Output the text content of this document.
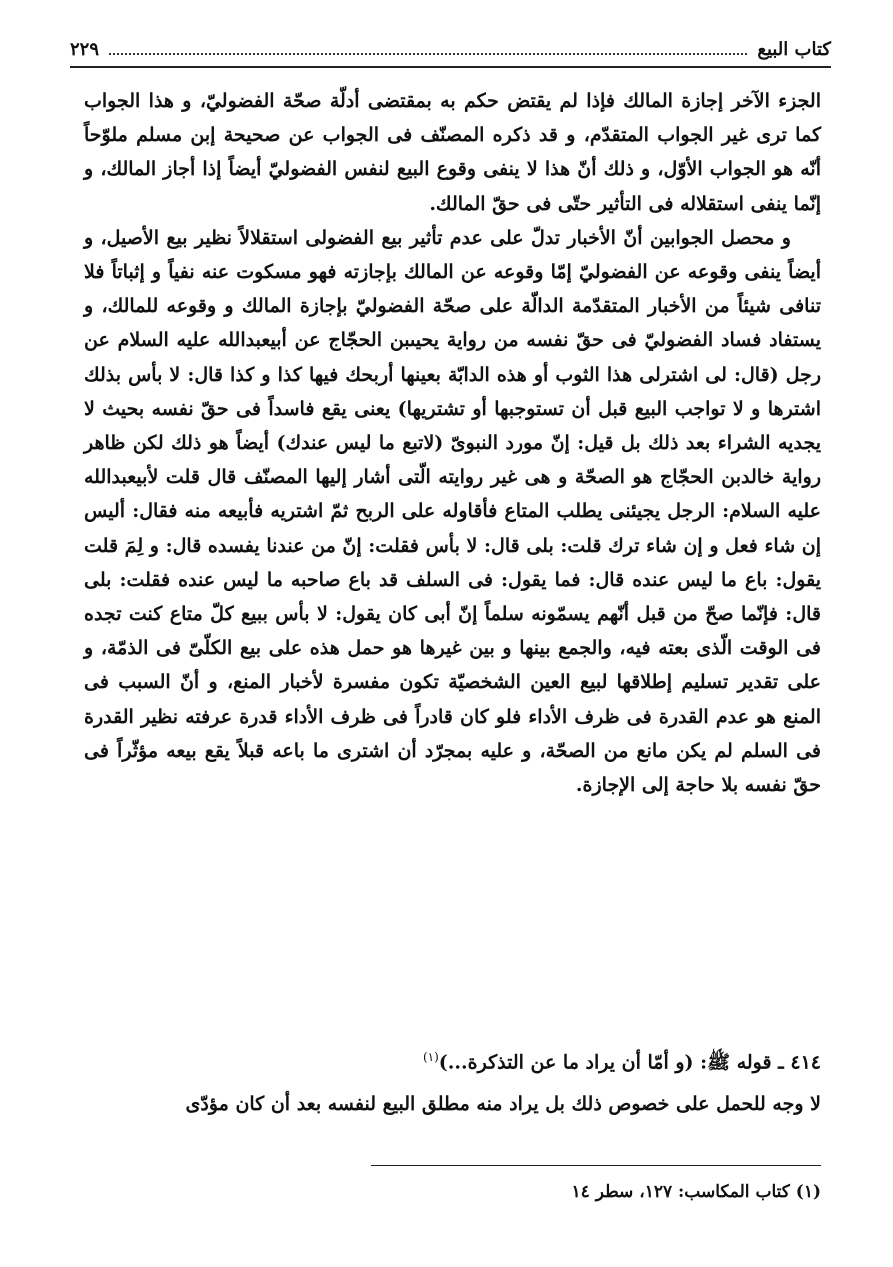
كتاب البيع
٢٢٩

الجزء الآخر إجازة المالك فإذا لم يقتض حكم به بمقتضى أدلّة صحّة الفضوليّ، و هذا الجواب كما ترى غير الجواب المتقدّم، و قد ذكره المصنّف فى الجواب عن صحيحة إبن مسلم ملوّحاً أنّه هو الجواب الأوّل، و ذلك أنّ هذا لا ينفى وقوع البيع لنفس الفضوليّ أيضاً إذا أجاز المالك، و إنّما ينفى استقلاله فى التأثير حتّى فى حقّ المالك.

و محصل الجوابين أنّ الأخبار تدلّ على عدم تأثير بيع الفضولى استقلالاً نظير بيع الأصيل، و أيضاً ينفى وقوعه عن الفضوليّ إمّا وقوعه عن المالك بإجازته فهو مسكوت عنه نفياً و إثباتاً فلا تنافى شيئاً من الأخبار المتقدّمة الدالّة على صحّة الفضوليّ بإجازة المالك و وقوعه للمالك، و يستفاد فساد الفضوليّ فى حقّ نفسه من رواية يحيىبن الحجّاج عن أبيعبدالله عليه السلام عن رجل (قال: لى اشترلى هذا الثوب أو هذه الدابّة بعينها أربحك فيها كذا و كذا قال: لا بأس بذلك اشترها و لا تواجب البيع قبل أن تستوجبها أو تشتريها) يعنى يقع فاسداً فى حقّ نفسه بحيث لا يجديه الشراء بعد ذلك بل قيل: إنّ مورد النبوىّ (لاتبع ما ليس عندك) أيضاً هو ذلك لكن ظاهر رواية خالدبن الحجّاج هو الصحّة و هى غير روايته الّتى أشار إليها المصنّف قال قلت لأبيعبدالله عليه السلام: الرجل يجيئنى يطلب المتاع فأقاوله على الربح ثمّ اشتريه فأبيعه منه فقال: أليس إن شاء فعل و إن شاء ترك قلت: بلى قال: لا بأس فقلت: إنّ من عندنا يفسده قال: و لِمَ قلت يقول: باع ما ليس عنده قال: فما يقول: فى السلف قد باع صاحبه ما ليس عنده فقلت: بلى قال: فإنّما صحّ من قبل أنّهم يسمّونه سلماً إنّ أبى كان يقول: لا بأس ببيع كلّ متاع كنت تجده فى الوقت الّذى بعته فيه، والجمع بينها و بين غيرها هو حمل هذه على بيع الكلّىّ فى الذمّة، و على تقدير تسليم إطلاقها لبيع العين الشخصيّة تكون مفسرة لأخبار المنع، و أنّ السبب فى المنع هو عدم القدرة فى ظرف الأداء فلو كان قادراً فى ظرف الأداء قدرة عرفته نظير القدرة فى السلم لم يكن مانع من الصحّة، و عليه بمجرّد أن اشترى ما باعه قبلاً يقع بيعه مؤثّراً فى حقّ نفسه بلا حاجة إلى الإجازة.

٤١٤ ـ قوله ﷺ: (و أمّا أن يراد ما عن التذكرة...)$^{(١)}$
لا وجه للحمل على خصوص ذلك بل يراد منه مطلق البيع لنفسه بعد أن كان مؤدّى
(١) كتاب المكاسب: ١٢٧، سطر ١٤
